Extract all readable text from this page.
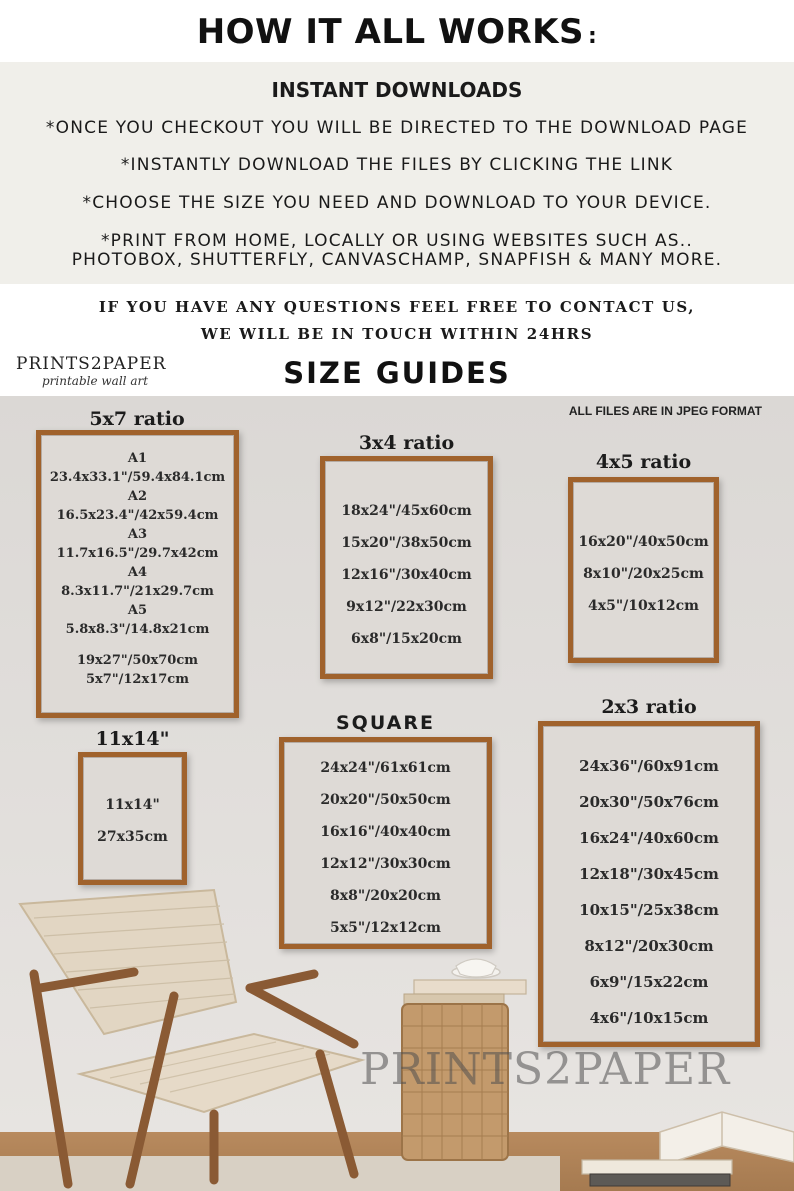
HOW IT ALL WORKS :
INSTANT DOWNLOADS
*ONCE YOU CHECKOUT YOU WILL BE DIRECTED TO THE DOWNLOAD PAGE
*INSTANTLY DOWNLOAD THE FILES BY CLICKING THE LINK
*CHOOSE THE SIZE YOU NEED AND DOWNLOAD TO YOUR DEVICE.
*PRINT FROM HOME, LOCALLY OR USING WEBSITES SUCH AS..
PHOTOBOX, SHUTTERFLY, CANVASCHAMP, SNAPFISH & MANY MORE.
IF YOU HAVE ANY QUESTIONS FEEL FREE TO CONTACT US,
WE WILL BE IN TOUCH WITHIN 24HRS
PRINTS2PAPER
printable wall art	SIZE GUIDES
ALL FILES ARE IN JPEG FORMAT
5x7 ratio
A1
23.4x33.1"/59.4x84.1cm
A2
16.5x23.4"/42x59.4cm
A3
11.7x16.5"/29.7x42cm
A4
8.3x11.7"/21x29.7cm
A5
5.8x8.3"/14.8x21cm
19x27"/50x70cm
5x7"/12x17cm
3x4 ratio
18x24"/45x60cm
15x20"/38x50cm
12x16"/30x40cm
9x12"/22x30cm
6x8"/15x20cm
4x5 ratio
16x20"/40x50cm
8x10"/20x25cm
4x5"/10x12cm
11x14"
11x14"
27x35cm
SQUARE
24x24"/61x61cm
20x20"/50x50cm
16x16"/40x40cm
12x12"/30x30cm
8x8"/20x20cm
5x5"/12x12cm
2x3 ratio
24x36"/60x91cm
20x30"/50x76cm
16x24"/40x60cm
12x18"/30x45cm
10x15"/25x38cm
8x12"/20x30cm
6x9"/15x22cm
4x6"/10x15cm
PRINTS2PAPER
